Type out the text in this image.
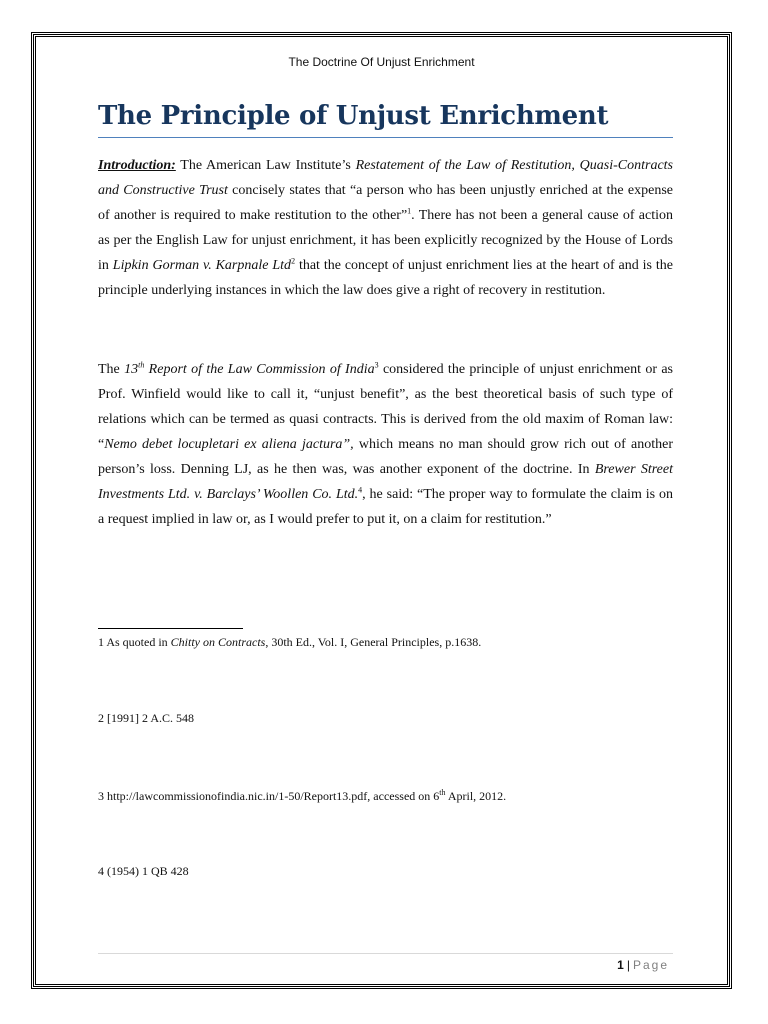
The Doctrine Of Unjust Enrichment
The Principle of Unjust Enrichment

Introduction: The American Law Institute’s Restatement of the Law of Restitution, Quasi-Contracts and Constructive Trust concisely states that “a person who has been unjustly enriched at the expense of another is required to make restitution to the other”$^1$. There has not been a general cause of action as per the English Law for unjust enrichment, it has been explicitly recognized by the House of Lords in Lipkin Gorman v. Karpnale Ltd$^2$ that the concept of unjust enrichment lies at the heart of and is the principle underlying instances in which the law does give a right of recovery in restitution.

The 13th Report of the Law Commission of India$^3$ considered the principle of unjust enrichment or as Prof. Winfield would like to call it, “unjust benefit”, as the best theoretical basis of such type of relations which can be termed as quasi contracts. This is derived from the old maxim of Roman law: “Nemo debet locupletari ex aliena jactura”, which means no man should grow rich out of another person’s loss. Denning LJ, as he then was, was another exponent of the doctrine. In Brewer Street Investments Ltd. v. Barclays’ Woollen Co. Ltd.$^4$, he said: “The proper way to formulate the claim is on a request implied in law or, as I would prefer to put it, on a claim for restitution.”

1 As quoted in Chitty on Contracts, 30th Ed., Vol. I, General Principles, p.1638.

2 [1991] 2 A.C. 548

3 http://lawcommissionofindia.nic.in/1-50/Report13.pdf, accessed on 6th April, 2012.

4 (1954) 1 QB 428

1 | Page
